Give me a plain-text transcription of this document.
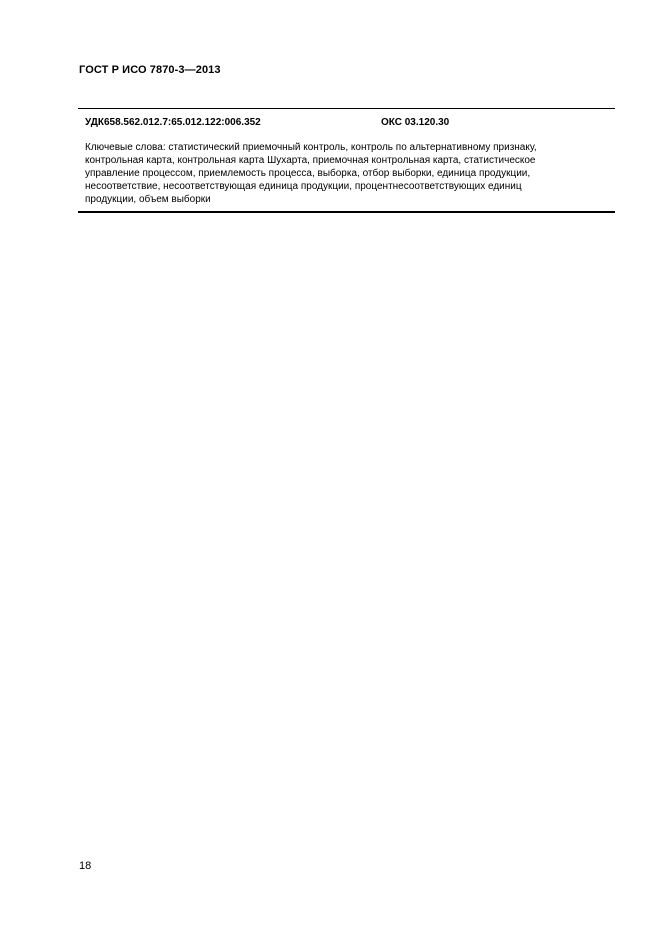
ГОСТ Р ИСО 7870-3—2013
УДК658.562.012.7:65.012.122:006.352	ОКС 03.120.30
Ключевые слова: статистический приемочный контроль, контроль по альтернативному признаку,
контрольная карта, контрольная карта Шухарта, приемочная контрольная карта, статистическое
управление процессом, приемлемость процесса, выборка, отбор выборки, единица продукции,
несоответствие, несоответствующая единица продукции, процентнесоответствующих единиц
продукции, объем выборки
18
